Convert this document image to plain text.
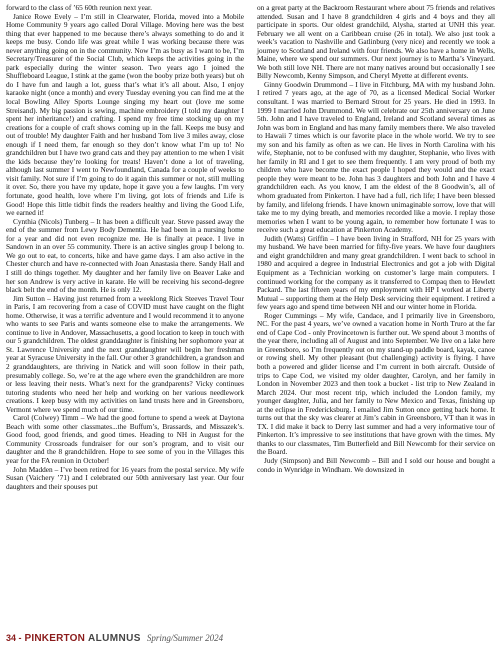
forward to the class of ’65 60th reunion next year.

Janice Rowe Evely – I’m still in Clearwater, Florida, moved into a Mobile Home Community 9 years ago called Doral Village. Moving here was the best thing that ever happened to me because there’s always something to do and it keeps me busy. Condo life was great while I was working because there was never anything going on in the community. Now I’m as busy as I want to be, I’m Secretary/Treasurer of the Social Club, which keeps the activities going in the park especially during the winter season. Two years ago I joined the Shuffleboard League, I stink at the game (won the booby prize both years) but oh do I have fun and laugh a lot, guess that’s what it’s all about. Also, I enjoy karaoke night (once a month) and every Tuesday evening you can find me at the local Bowling Alley Sports Lounge singing my heart out (love me some Streisand). My big passion is sewing, machine embroidery (I told my daughter I spent her inheritance!) and crafting. I spend my free time stocking up on my creations for a couple of craft shows coming up in the fall. Keeps me busy and out of trouble! My daughter Faith and her husband Tom live 3 miles away, close enough if I need them, far enough so they don’t know what I’m up to! No grandchildren but I have two grand cats and they pay attention to me when I visit the kids because they’re looking for treats! Haven’t done a lot of traveling, although last summer I went to Newfoundland, Canada for a couple of weeks to visit family. Not sure if I’m going to do it again this summer or not, still mulling it over. So, there you have my update, hope it gave you a few laughs. I’m very fortunate, good health, love where I’m living, got lots of friends and Life is Good! Hope this little tidbit finds the readers healthy and living the Good Life, we earned it!

Cynthia (Nicols) Tunberg – It has been a difficult year. Steve passed away the end of the summer from Lewy Body Dementia. He had been in a nursing home for a year and did not even recognize me. He is finally at peace. I live in Sandown in an over 55 community. There is an active singles group I belong to. We go out to eat, to concerts, hike and have game days. I am also active in the Chester church and have re-connected with Joan Anastasia there. Sandy Hall and I still do things together. My daughter and her family live on Beaver Lake and her son Andrew is very active in karate. He will be receiving his second-degree black belt the end of the month. He is only 12.

Jim Sutton – Having just returned from a weeklong Rick Steeves Travel Tour in Paris, I am recovering from a case of COVID must have caught on the flight home. Otherwise, it was a terrific adventure and I would recommend it to anyone who wants to see Paris and wants someone else to make the arrangements. We continue to live in Andover, Massachusetts, a good location to keep in touch with our 5 grandchildren. The oldest granddaughter is finishing her sophomore year at St. Lawrence University and the next granddaughter will begin her freshman year at Syracuse University in the fall. Our other 3 grandchildren, a grandson and 2 granddaughters, are thriving in Natick and will soon follow in their path, presumably college. So, we’re at the age where even the grandchildren are more or less leaving their nests. What’s next for the grandparents? Vicky continues tutoring students who need her help and working on her various needlework creations. I keep busy with my activities on land trusts here and in Greensboro, Vermont where we spend much of our time.

Carol (Colwey) Timm – We had the good fortune to spend a week at Daytona Beach with some other classmates...the Buffum’s, Brassards, and Missazek’s. Good food, good friends, and good times. Heading to NH in August for the Community Crossroads fundraiser for our son’s program, and to visit our daughter and the 8 grandchildren. Hope to see some of you in the Villages this year for the FA reunion in October!

John Madden – I’ve been retired for 16 years from the postal service. My wife Susan (Vaichery ’71) and I celebrated our 50th anniversary last year. Our four daughters and their spouses put

on a great party at the Backroom Restaurant where about 75 friends and relatives attended. Susan and I have 8 grandchildren 4 girls and 4 boys and they all participate in sports. Our oldest grandchild, Alysha, started at UNH this year. February we all went on a Caribbean cruise (26 in total). We also just took a week’s vacation to Nashville and Gatlinburg (very nice) and recently we took a journey to Scotland and Ireland with four friends. We also have a home in Wells, Maine, where we spend our summers. Our next journey is to Martha’s Vineyard. We both still love NH. There are not many natives around but occasionally I see Billy Newcomb, Kenny Simpson, and Cheryl Myette at different events.

Ginny Goodwin Drummond – I live in Fitchburg, MA with my husband John. I retired 7 years ago, at the age of 70, as a licensed Medical Social Worker consultant. I was married to Bernard Strout for 25 years. He died in 1993. In 1999 I married John Drummond. We will celebrate our 25th anniversary on June 5th. John and I have traveled to England, Ireland and Scotland several times as John was born in England and has many family members there. We also traveled to Hawaii 7 times which is our favorite place in the whole world. We try to see my son and his family as often as we can. He lives in North Carolina with his wife, Stephanie, not to be confused with my daughter, Stephanie, who lives with her family in RI and I get to see them frequently. I am very proud of both my children who have become the exact people I hoped they would and the exact people they were meant to be. John has 3 daughters and both John and I have 4 grandchildren each. As you know, I am the eldest of the 8 Goodwin’s, all of whom graduated from Pinkerton. I have had a full, rich life; I have been blessed by family, and lifelong friends. I have known unimaginable sorrow, love that will take me to my dying breath, and memories recorded like a movie. I replay those memories when I want to be young again, to remember how fortunate I was to receive such a great education at Pinkerton Academy.

Judith (Watts) Griffin – I have been living in Strafford, NH for 25 years with my husband. We have been married for fifty-five years. We have four daughters and eight grandchildren and many great grandchildren. I went back to school in 1980 and acquired a degree in Industrial Electronics and got a job with Digital Equipment as a Technician working on customer’s large main computers. I continued working for the company as it transferred to Compaq then to Hewlett Packard. The last fifteen years of my employment with HP I worked at Liberty Mutual – supporting them at the Help Desk servicing their equipment. I retired a few years ago and spend time between NH and our winter home in Florida.

Roger Cummings – My wife, Candace, and I primarily live in Greensboro, NC. For the past 4 years, we’ve owned a vacation home in North Truro at the far end of Cape Cod - only Provincetown is further out. We spend about 3 months of the year there, including all of August and into September. We live on a lake here in Greensboro, so I’m frequently out on my stand-up paddle board, kayak, canoe or rowing shell. My other pleasant (but challenging) activity is flying. I have both a powered and glider license and I’m current in both aircraft. Outside of trips to Cape Cod, we visited my older daughter, Carolyn, and her family in London in November 2023 and then took a bucket - list trip to New Zealand in March 2024. Our most recent trip, which included the London family, my younger daughter, Julia, and her family to New Mexico and Texas, finishing up at the eclipse in Fredericksburg. I emailed Jim Sutton once getting back home. It turns out that the sky was clearer at Jim’s cabin in Greensboro, VT than it was in TX. I did make it back to Derry last summer and had a very informative tour of Pinkerton. It’s impressive to see institutions that have grown with the times. My thanks to our classmates, Tim Butterfield and Bill Newcomb for their service on the Board.

Judy (Simpson) and Bill Newcomb – Bill and I sold our house and bought a condo in Wynridge in Windham. We downsized in

34 - PINKERTON ALUMNUS Spring/Summer 2024
